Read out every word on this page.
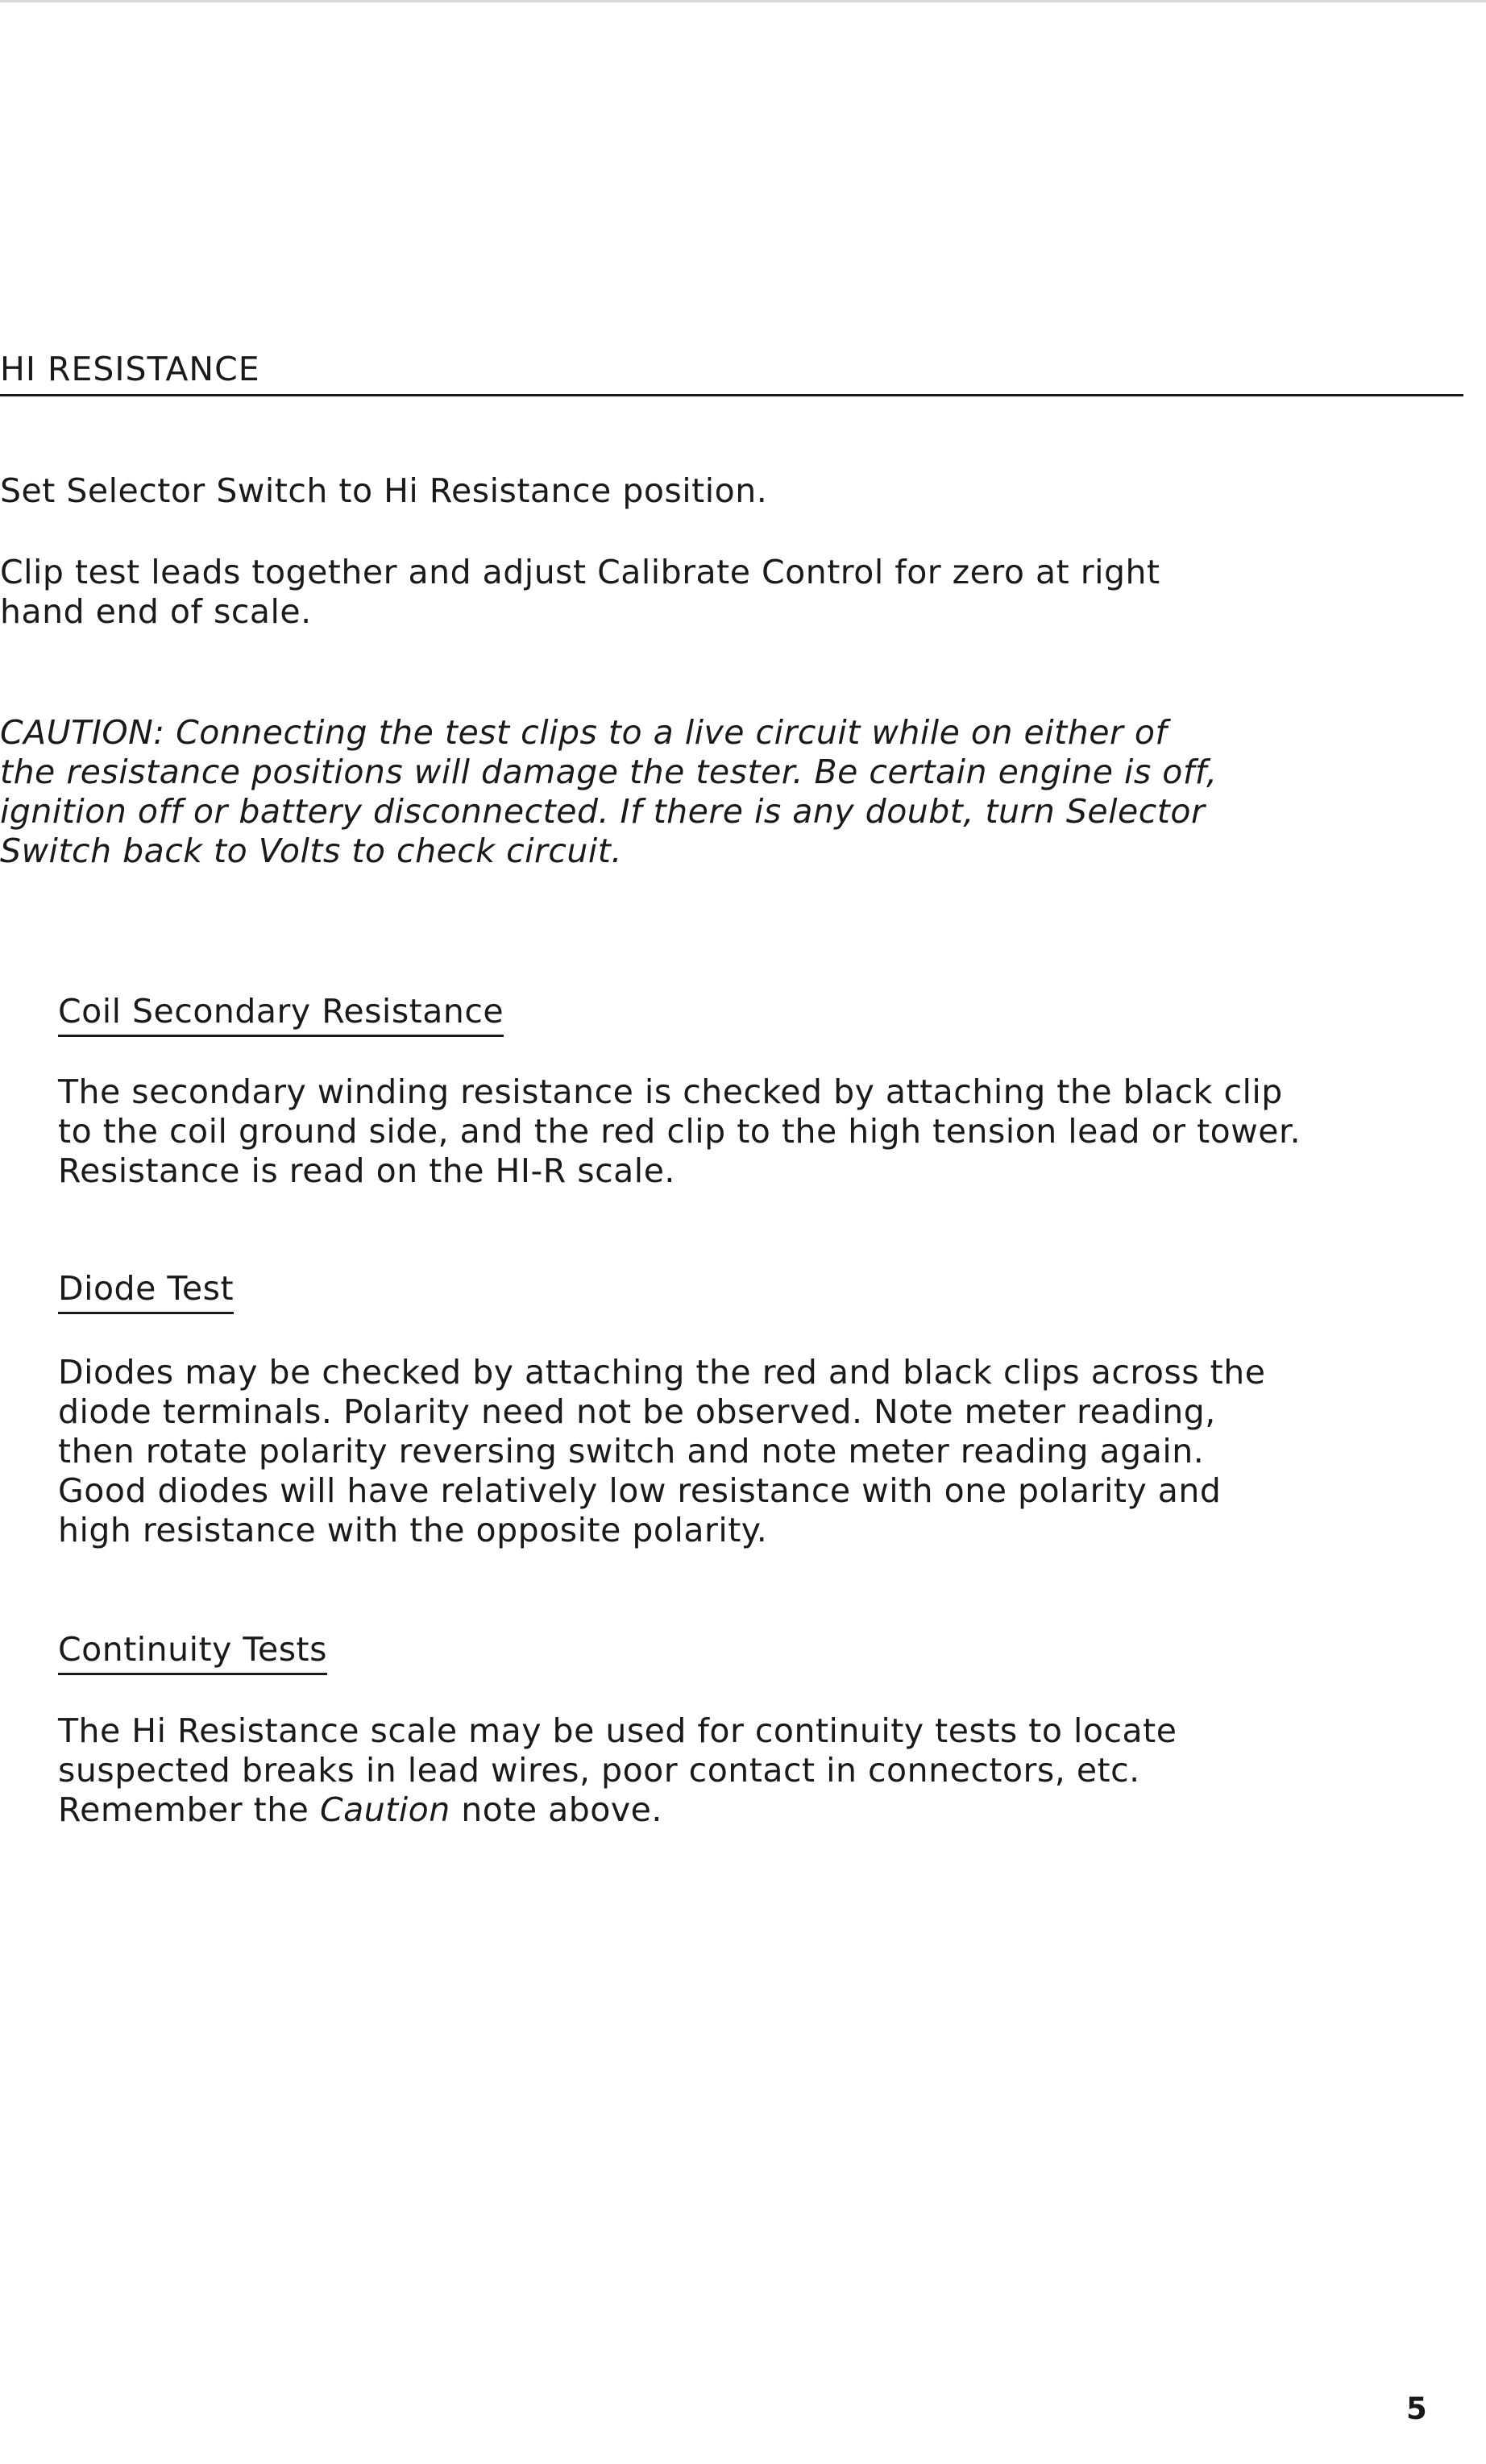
HI RESISTANCE
Set Selector Switch to Hi Resistance position.
Clip test leads together and adjust Calibrate Control for zero at right
hand end of scale.
CAUTION: Connecting the test clips to a live circuit while on either of
the resistance positions will damage the tester. Be certain engine is off,
ignition off or battery disconnected. If there is any doubt, turn Selector
Switch back to Volts to check circuit.
Coil Secondary Resistance
The secondary winding resistance is checked by attaching the black clip
to the coil ground side, and the red clip to the high tension lead or tower.
Resistance is read on the HI-R scale.
Diode Test
Diodes may be checked by attaching the red and black clips across the
diode terminals. Polarity need not be observed. Note meter reading,
then rotate polarity reversing switch and note meter reading again.
Good diodes will have relatively low resistance with one polarity and
high resistance with the opposite polarity.
Continuity Tests
The Hi Resistance scale may be used for continuity tests to locate
suspected breaks in lead wires, poor contact in connectors, etc.
Remember the Caution note above.
5
